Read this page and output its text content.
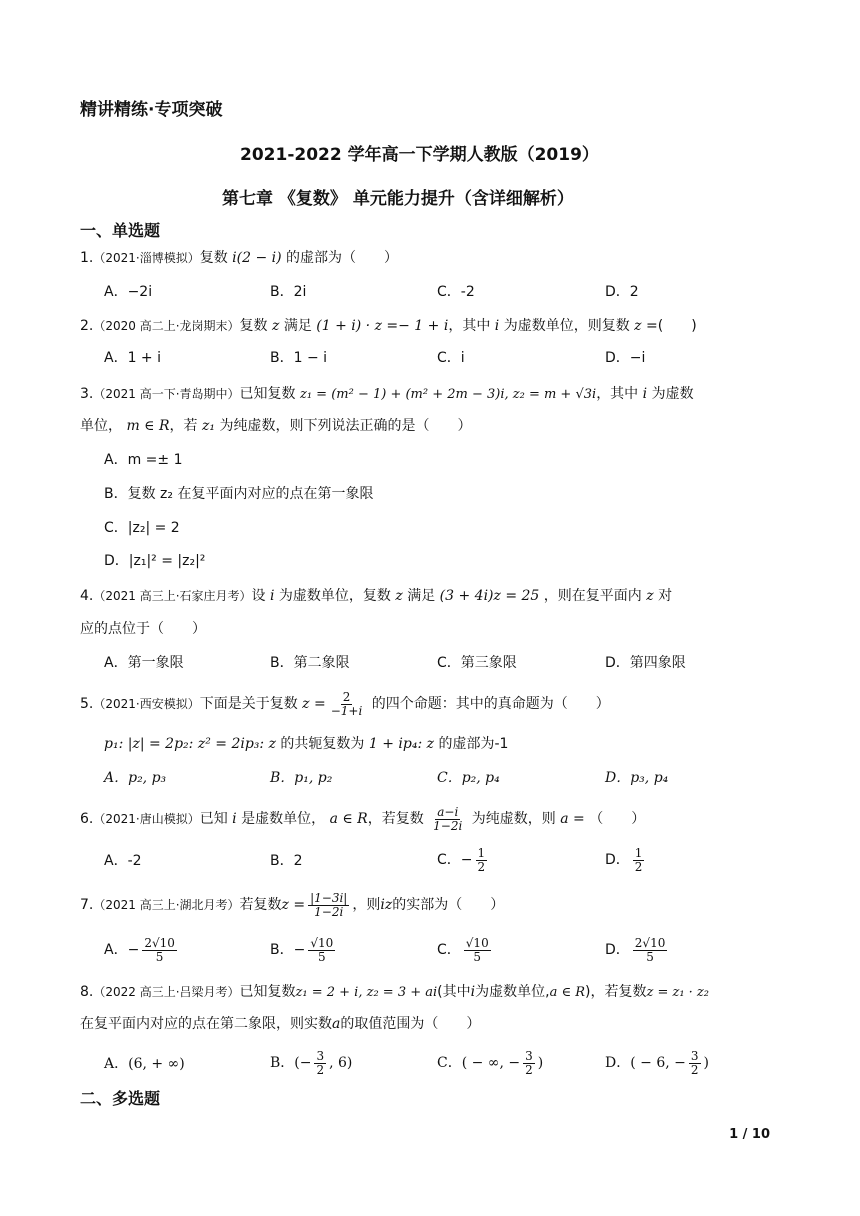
精讲精练·专项突破
2021-2022 学年高一下学期人教版（2019）
第七章 《复数》 单元能力提升（含详细解析）
一、单选题
1.（2021·淄博模拟）复数 i(2 − i) 的虚部为（　　）
A．−2i	B．2i	C．-2	D．2
2.（2020 高二上·龙岗期末）复数 z 满足 (1 + i) · z =− 1 + i，其中 i 为虚数单位，则复数 z =(　　)
A．1 + i	B．1 − i	C．i	D．−i
3.（2021 高一下·青岛期中）已知复数 z₁ = (m² − 1) + (m² + 2m − 3)i, z₂ = m + √3i，其中 i 为虚数
单位， m ∈ R，若 z₁ 为纯虚数，则下列说法正确的是（　　）
A．m =± 1
B．复数 z₂ 在复平面内对应的点在第一象限
C．|z₂| = 2
D．|z₁|² = |z₂|²
4.（2021 高三上·石家庄月考）设 i 为虚数单位，复数 z 满足 (3 + 4i)z = 25 ，则在复平面内 z 对
应的点位于（　　）
A．第一象限	B．第二象限	C．第三象限	D．第四象限
5.（2021·西安模拟）下面是关于复数 $z = \frac{2}{-1+i}$ 的四个命题：其中的真命题为（　　）
p₁: |z| = 2p₂: z² = 2ip₃: z 的共轭复数为 1 + ip₄: z 的虚部为-1
A．p₂, p₃	B．p₁, p₂	C．p₂, p₄	D．p₃, p₄
6.（2021·唐山模拟）已知 i 是虚数单位， a ∈ R，若复数 $\frac{a-i}{1-2i}$ 为纯虚数，则 a = （　　）
A．-2	B．2	C．− $\frac{1}{2}$	D． $\frac{1}{2}$
7.（2021 高三上·湖北月考）若复数$z = \frac{|1-3i|}{1-2i}$ ，则iz的实部为（　　）
A．− $\frac{2√10}{5}$	B．− $\frac{√10}{5}$	C． $\frac{√10}{5}$	D． $\frac{2√10}{5}$
8.（2022 高三上·吕梁月考）已知复数z₁ = 2 + i, z₂ = 3 + ai(其中i为虚数单位,a ∈ R)，若复数z = z₁ · z₂
在复平面内对应的点在第二象限，则实数a的取值范围为（　　）
A．(6, + ∞)	B．(− $\frac{3}{2}$ , 6)	C．( − ∞, − $\frac{3}{2}$ )	D．( − 6, − $\frac{3}{2}$ )
二、多选题
1 / 10
